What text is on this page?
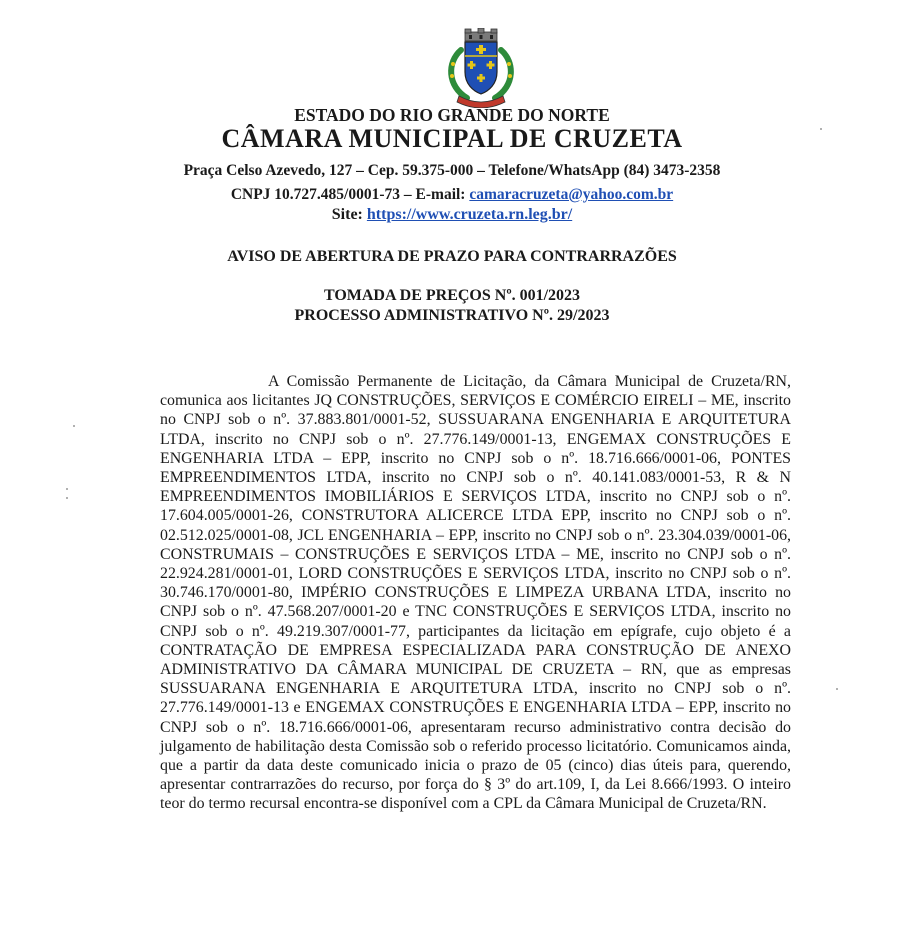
ESTADO DO RIO GRANDE DO NORTE
CÂMARA MUNICIPAL DE CRUZETA
Praça Celso Azevedo, 127 – Cep. 59.375-000 – Telefone/WhatsApp (84) 3473-2358
CNPJ 10.727.485/0001-73 – E-mail: camaracruzeta@yahoo.com.br
Site: https://www.cruzeta.rn.leg.br/
AVISO DE ABERTURA DE PRAZO PARA CONTRARRAZÕES
TOMADA DE PREÇOS Nº. 001/2023
PROCESSO ADMINISTRATIVO Nº. 29/2023

A Comissão Permanente de Licitação, da Câmara Municipal de Cruzeta/RN, comunica aos licitantes JQ CONSTRUÇÕES, SERVIÇOS E COMÉRCIO EIRELI – ME, inscrito no CNPJ sob o nº. 37.883.801/0001-52, SUSSUARANA ENGENHARIA E ARQUITETURA LTDA, inscrito no CNPJ sob o nº. 27.776.149/0001-13, ENGEMAX CONSTRUÇÕES E ENGENHARIA LTDA – EPP, inscrito no CNPJ sob o nº. 18.716.666/0001-06, PONTES EMPREENDIMENTOS LTDA, inscrito no CNPJ sob o nº. 40.141.083/0001-53, R & N EMPREENDIMENTOS IMOBILIÁRIOS E SERVIÇOS LTDA, inscrito no CNPJ sob o nº. 17.604.005/0001-26, CONSTRUTORA ALICERCE LTDA EPP, inscrito no CNPJ sob o nº. 02.512.025/0001-08, JCL ENGENHARIA – EPP, inscrito no CNPJ sob o nº. 23.304.039/0001-06, CONSTRUMAIS – CONSTRUÇÕES E SERVIÇOS LTDA – ME, inscrito no CNPJ sob o nº. 22.924.281/0001-01, LORD CONSTRUÇÕES E SERVIÇOS LTDA, inscrito no CNPJ sob o nº. 30.746.170/0001-80, IMPÉRIO CONSTRUÇÕES E LIMPEZA URBANA LTDA, inscrito no CNPJ sob o nº. 47.568.207/0001-20 e TNC CONSTRUÇÕES E SERVIÇOS LTDA, inscrito no CNPJ sob o nº. 49.219.307/0001-77, participantes da licitação em epígrafe, cujo objeto é a CONTRATAÇÃO DE EMPRESA ESPECIALIZADA PARA CONSTRUÇÃO DE ANEXO ADMINISTRATIVO DA CÂMARA MUNICIPAL DE CRUZETA – RN, que as empresas SUSSUARANA ENGENHARIA E ARQUITETURA LTDA, inscrito no CNPJ sob o nº. 27.776.149/0001-13 e ENGEMAX CONSTRUÇÕES E ENGENHARIA LTDA – EPP, inscrito no CNPJ sob o nº. 18.716.666/0001-06, apresentaram recurso administrativo contra decisão do julgamento de habilitação desta Comissão sob o referido processo licitatório. Comunicamos ainda, que a partir da data deste comunicado inicia o prazo de 05 (cinco) dias úteis para, querendo, apresentar contrarrazões do recurso, por força do § 3º do art.109, I, da Lei 8.666/1993. O inteiro teor do termo recursal encontra-se disponível com a CPL da Câmara Municipal de Cruzeta/RN.
